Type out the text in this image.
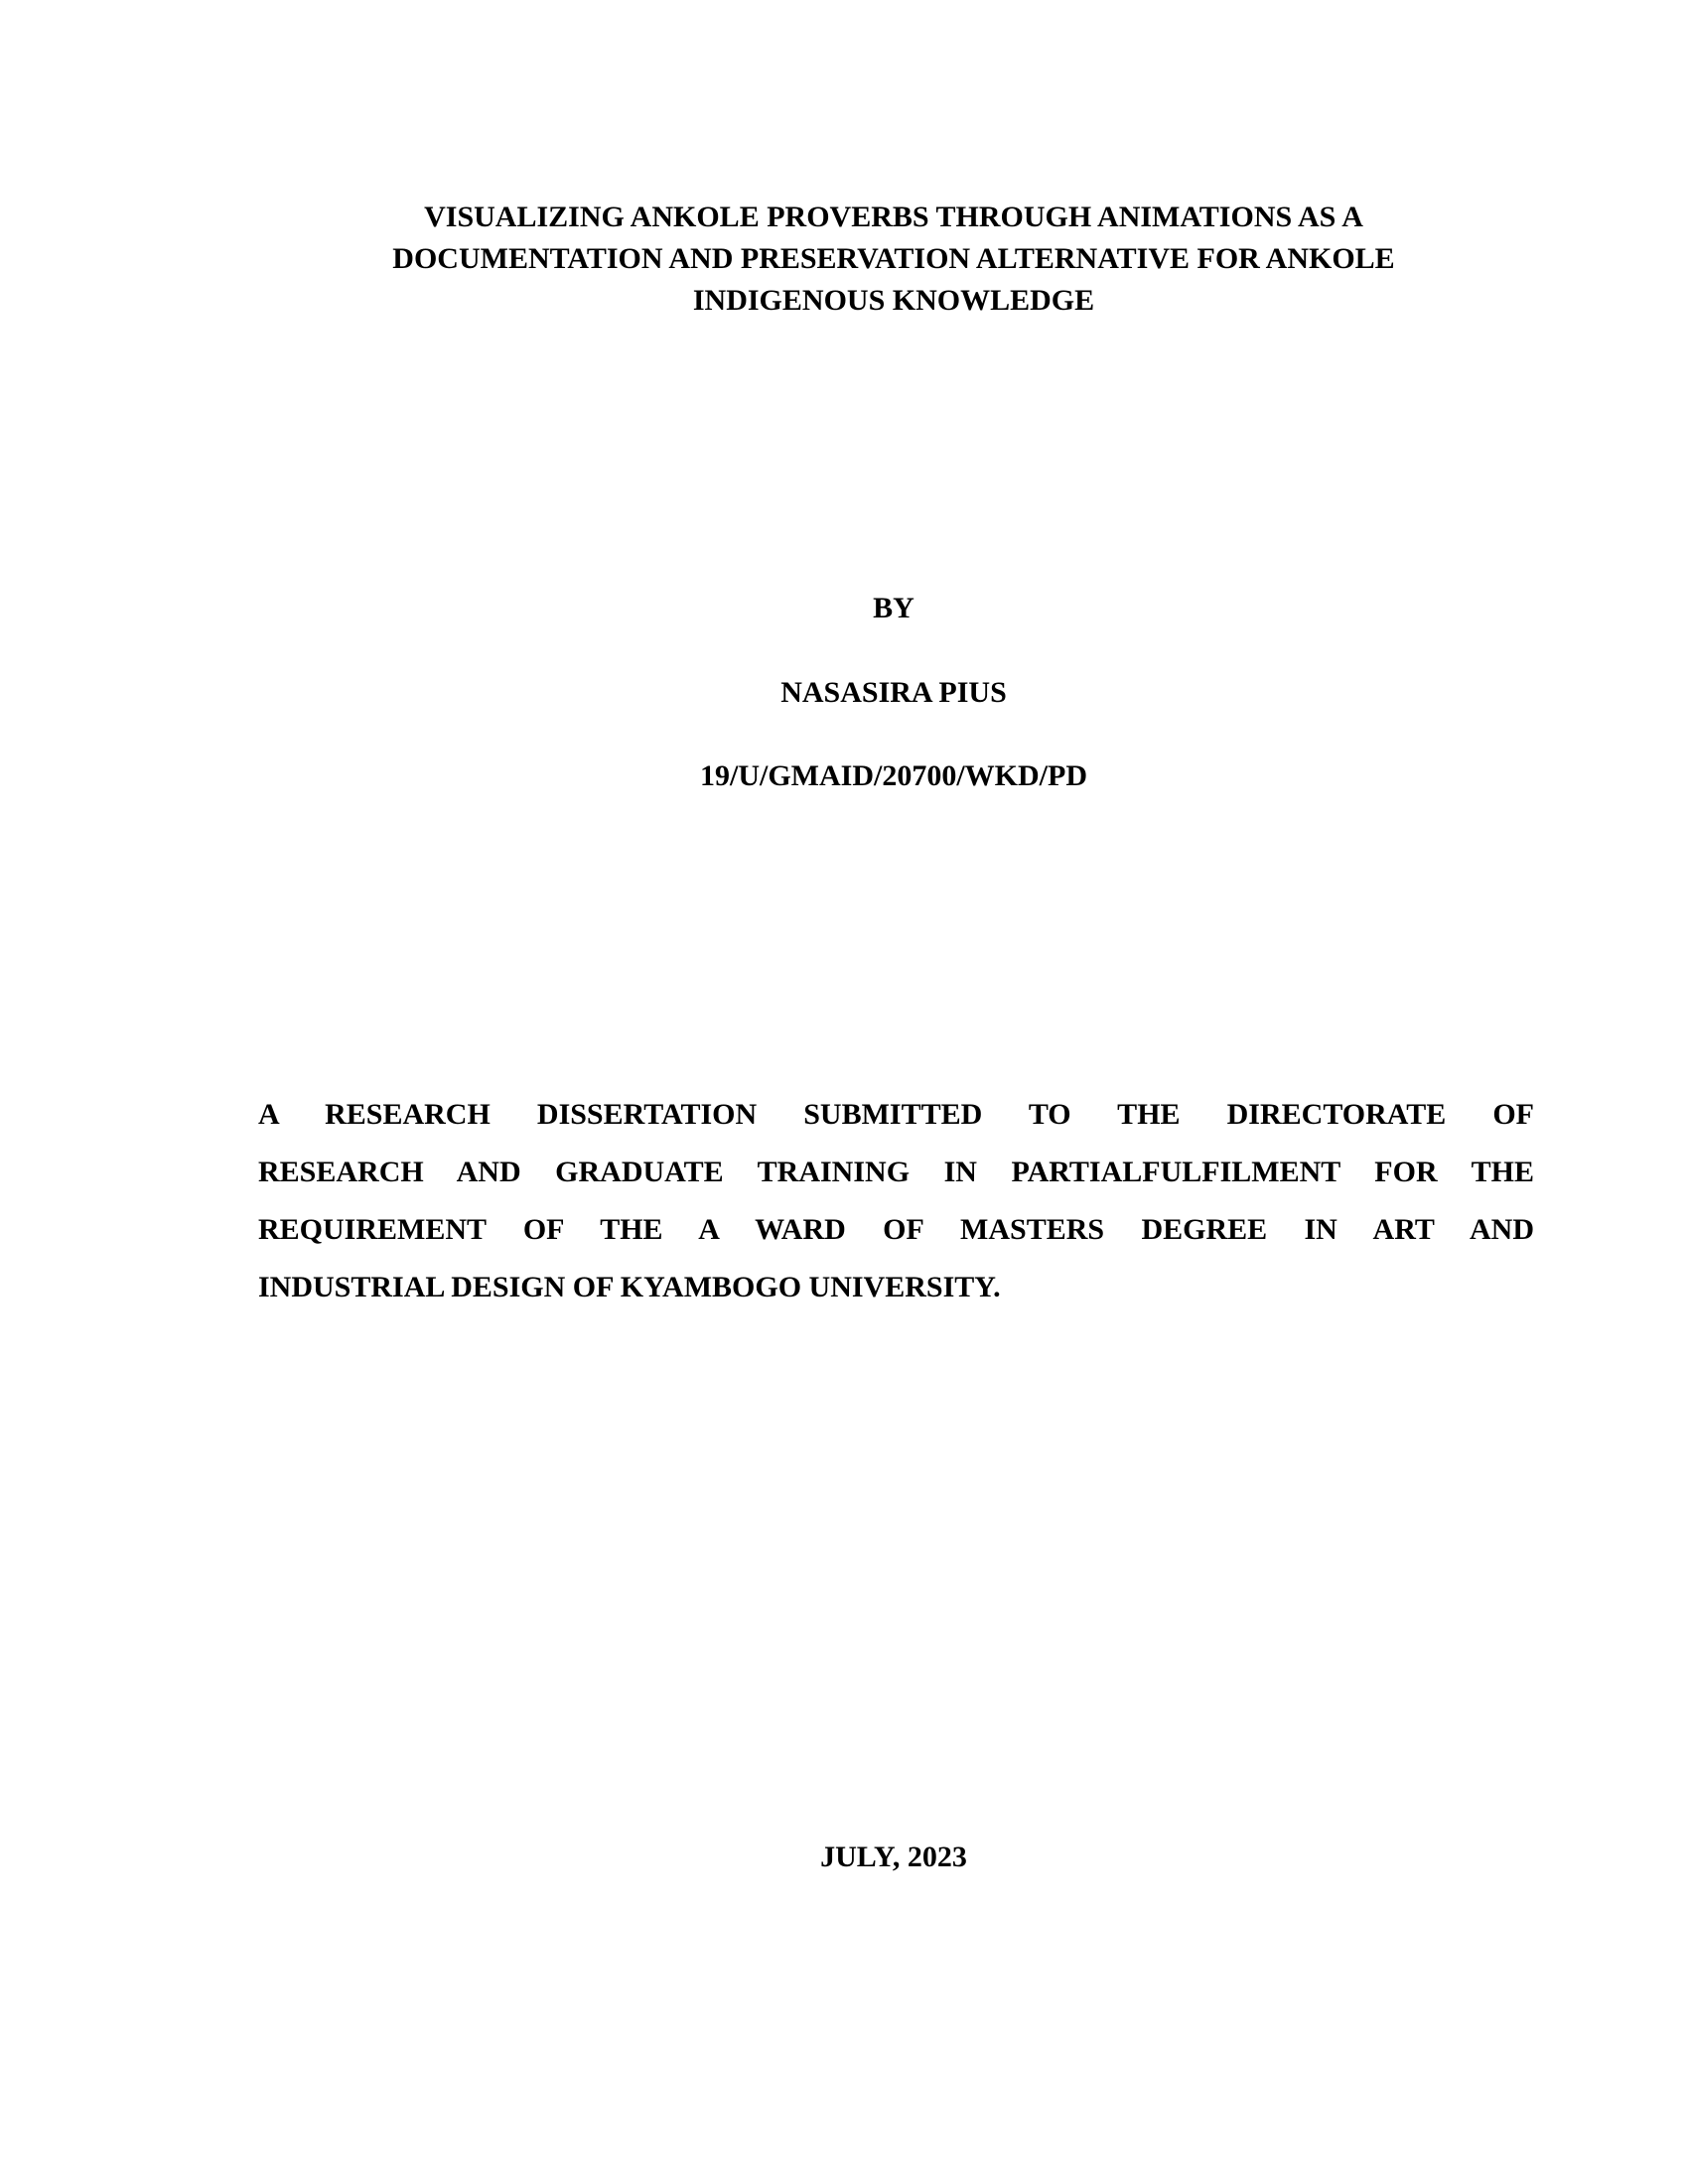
VISUALIZING ANKOLE PROVERBS THROUGH ANIMATIONS AS A
DOCUMENTATION AND PRESERVATION ALTERNATIVE FOR ANKOLE
INDIGENOUS KNOWLEDGE
BY
NASASIRA PIUS
19/U/GMAID/20700/WKD/PD
A RESEARCH DISSERTATION SUBMITTED TO THE DIRECTORATE OF
RESEARCH AND GRADUATE TRAINING IN PARTIALFULFILMENT FOR THE
REQUIREMENT OF THE A WARD OF MASTERS DEGREE IN ART AND
INDUSTRIAL DESIGN OF KYAMBOGO UNIVERSITY.
JULY, 2023
